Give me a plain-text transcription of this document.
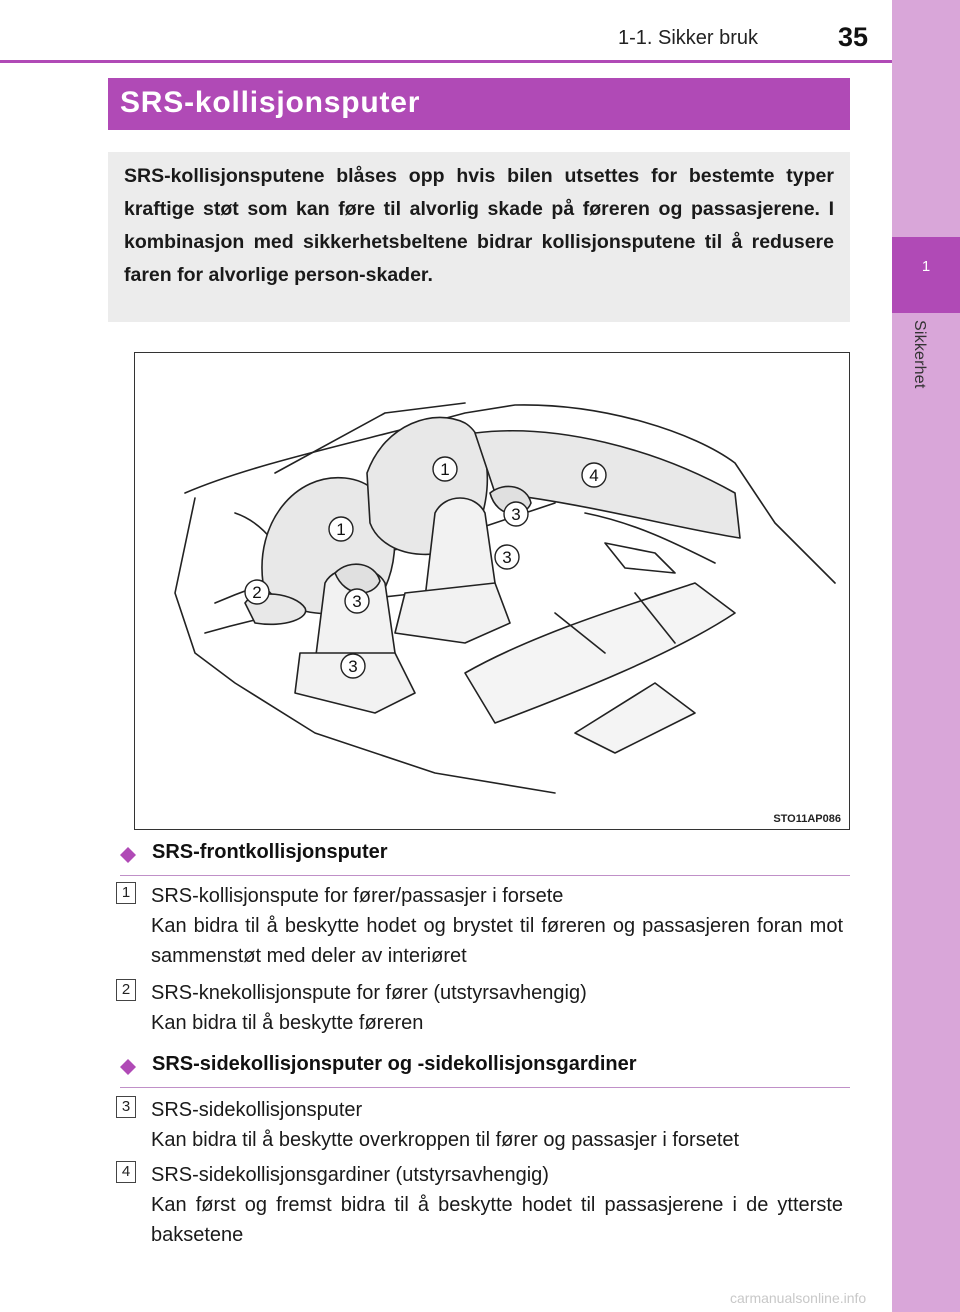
1
Sikkerhet
1-1. Sikker bruk	35
SRS-kollisjonsputer

SRS-kollisjonsputene blåses opp hvis bilen utsettes for bestemte typer kraftige støt som kan føre til alvorlig skade på føreren og passasjerene. I kombinasjon med sikkerhetsbeltene bidrar kollisjonsputene til å redusere faren for alvorlige person-skader.

1
1
2
3
3
3
3
4
STO11AP086
SRS-frontkollisjonsputer
1 SRS-kollisjonspute for fører/passasjer i forsete
Kan bidra til å beskytte hodet og brystet til føreren og passasjeren foran mot sammenstøt med deler av interiøret
2 SRS-knekollisjonspute for fører (utstyrsavhengig)
Kan bidra til å beskytte føreren
SRS-sidekollisjonsputer og -sidekollisjonsgardiner
3 SRS-sidekollisjonsputer
Kan bidra til å beskytte overkroppen til fører og passasjer i forsetet
4 SRS-sidekollisjonsgardiner (utstyrsavhengig)
Kan først og fremst bidra til å beskytte hodet til passasjerene i de ytterste baksetene
carmanualsonline.info
